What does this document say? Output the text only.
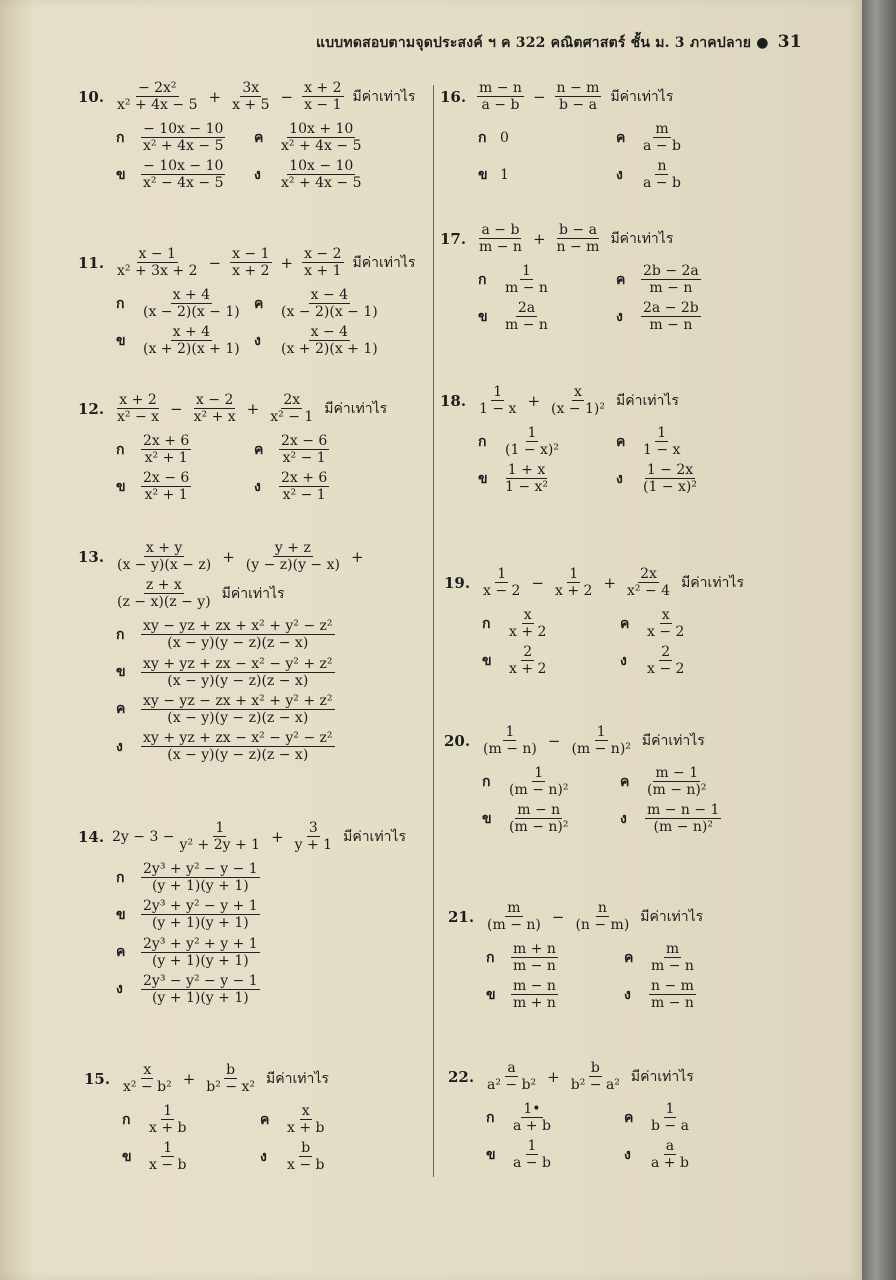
แบบทดสอบตามจุดประสงค์ ฯ ค 322 คณิตศาสตร์ ชั้น ม. 3 ภาคปลาย ● 31
10. $\frac{\text{− 2x²}}{\text{x² + 4x − 5}} + \frac{3x}{x + 5} - \frac{x + 2}{x - 1}$ มีค่าเท่าไร
ก	$\frac{- 10x - 10}{\text{x² + 4x − 5}}$ ค	$\frac{10x + 10}{\text{x² + 4x − 5}}$
ข	$\frac{- 10x - 10}{\text{x² − 4x − 5}}$ ง	$\frac{10x - 10}{\text{x² + 4x − 5}}$
11. $\frac{x - 1}{\text{x² + 3x + 2}} - \frac{x - 1}{x + 2} + \frac{x - 2}{x + 1}$ มีค่าเท่าไร
ก	$\frac{x + 4}{(x - 2)(x - 1)}$ ค	$\frac{x - 4}{(x - 2)(x - 1)}$
ข	$\frac{x + 4}{(x + 2)(x + 1)}$ ง	$\frac{x - 4}{(x + 2)(x + 1)}$
12. $\frac{x + 2}{\text{x² − x}} - \frac{x - 2}{\text{x² + x}} + \frac{2x}{\text{x² − 1}}$ มีค่าเท่าไร
ก	$\frac{2x + 6}{\text{x² + 1}}$	ค	$\frac{2x - 6}{\text{x² − 1}}$
ข	$\frac{2x - 6}{\text{x² + 1}}$	ง	$\frac{2x + 6}{\text{x² − 1}}$
13. $\frac{x + y}{(x - y)(x - z)} + \frac{y + z}{(y - z)(y - x)}$ +
$\frac{z + x}{(z - x)(z - y)}$ มีค่าเท่าไร
ก	$\frac{\text{xy − yz + zx + x² + y² − z²}}{(x - y)(y - z)(z - x)}$
ข	$\frac{\text{xy + yz + zx − x² − y² + z²}}{(x - y)(y - z)(z - x)}$
ค	$\frac{\text{xy − yz − zx + x² + y² + z²}}{(x - y)(y - z)(z - x)}$
ง	$\frac{\text{xy + yz + zx − x² − y² − z²}}{(x - y)(y - z)(z - x)}$
14. $2y - 3 - \frac{1}{\text{y² + 2y + 1}} + \frac{3}{y + 1}$ มีค่าเท่าไร
ก	$\frac{\text{2y³ + y² − y − 1}}{(y + 1)(y + 1)}$
ข	$\frac{\text{2y³ + y² − y + 1}}{(y + 1)(y + 1)}$
ค	$\frac{\text{2y³ + y² + y + 1}}{(y + 1)(y + 1)}$
ง	$\frac{\text{2y³ − y² − y − 1}}{(y + 1)(y + 1)}$
15. $\frac{x}{\text{x² − b²}} + \frac{b}{\text{b² − x²}}$ มีค่าเท่าไร
ก	$\frac{1}{x + b}$	ค	$\frac{x}{x + b}$
ข	$\frac{1}{x - b}$	ง	$\frac{b}{x - b}$
16. $\frac{m - n}{a - b} - \frac{n - m}{b - a}$ มีค่าเท่าไร
ก 0	ค	$\frac{m}{a - b}$
ข 1	ง	$\frac{n}{a - b}$
17. $\frac{a - b}{m - n} + \frac{b - a}{n - m}$ มีค่าเท่าไร
ก	$\frac{1}{m - n}$	ค	$\frac{2b - 2a}{m - n}$
ข	$\frac{2a}{m - n}$	ง	$\frac{2a - 2b}{m - n}$
18. $\frac{1}{1 - x} + \frac{x}{\text{(x − 1)²}}$ มีค่าเท่าไร
ก	$\frac{1}{\text{(1 − x)²}}$	ค	$\frac{1}{1 - x}$
ข	$\frac{1 + x}{\text{1 − x²}}$	ง	$\frac{1 - 2x}{\text{(1 − x)²}}$
19. $\frac{1}{x - 2} - \frac{1}{x + 2} + \frac{2x}{\text{x² − 4}}$ มีค่าเท่าไร
ก	$\frac{x}{x + 2}$	ค	$\frac{x}{x - 2}$
ข	$\frac{2}{x + 2}$	ง	$\frac{2}{x - 2}$
20. $\frac{1}{(m - n)} - \frac{1}{\text{(m − n)²}}$ มีค่าเท่าไร
ก	$\frac{1}{\text{(m − n)²}}$	ค	$\frac{m - 1}{\text{(m − n)²}}$
ข	$\frac{m - n}{\text{(m − n)²}}$	ง	$\frac{m - n - 1}{\text{(m − n)²}}$
21. $\frac{m}{(m - n)} - \frac{n}{(n - m)}$ มีค่าเท่าไร
ก	$\frac{m + n}{m - n}$	ค	$\frac{m}{m - n}$
ข	$\frac{m - n}{m + n}$	ง	$\frac{n - m}{m - n}$
22. $\frac{a}{\text{a² − b²}} + \frac{b}{\text{b² − a²}}$ มีค่าเท่าไร
ก	$\frac{1•}{a + b}$	ค	$\frac{1}{b - a}$
ข	$\frac{1}{a - b}$	ง	$\frac{a}{a + b}$
